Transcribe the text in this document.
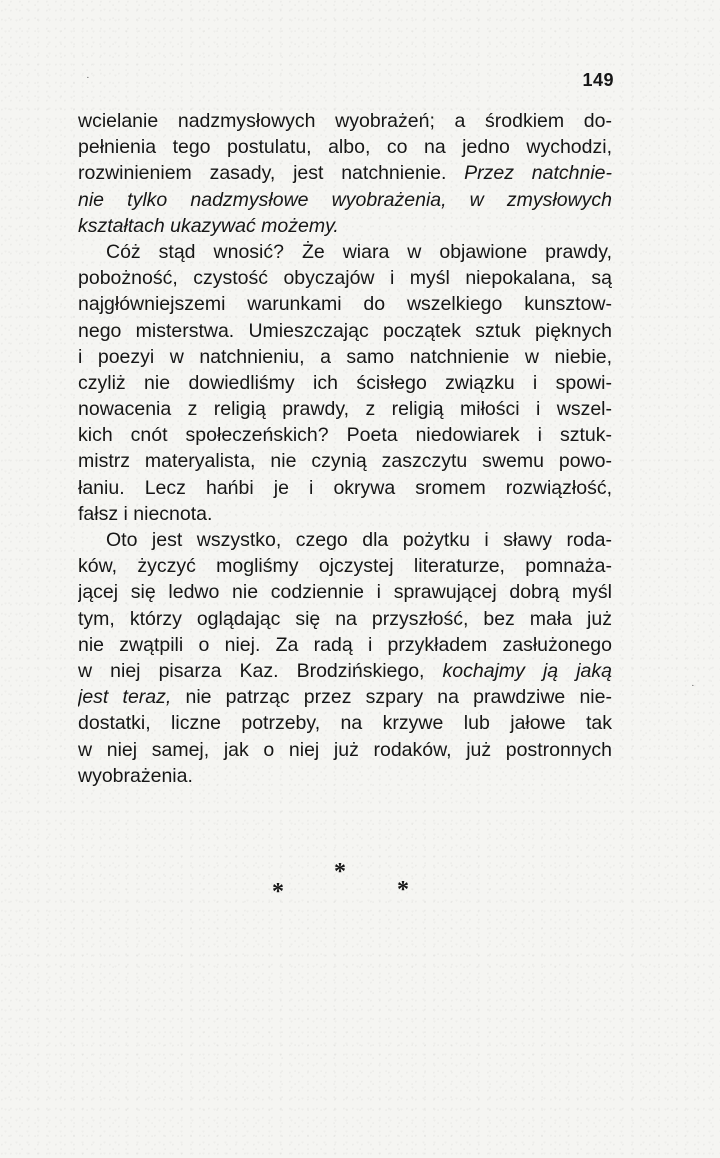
149
·
·
wcielanie nadzmysłowych wyobrażeń; a środkiem do-
pełnienia tego postulatu, albo, co na jedno wychodzi,
rozwinieniem zasady, jest natchnienie. Przez natchnie-
nie tylko nadzmysłowe wyobrażenia, w zmysłowych
kształtach ukazywać możemy.
Cóż stąd wnosić? Że wiara w objawione prawdy,
pobożność, czystość obyczajów i myśl niepokalana, są
najgłówniejszemi warunkami do wszelkiego kunsztow-
nego misterstwa. Umieszczając początek sztuk pięknych
i poezyi w natchnieniu, a samo natchnienie w niebie,
czyliż nie dowiedliśmy ich ścisłego związku i spowi-
nowacenia z religią prawdy, z religią miłości i wszel-
kich cnót społeczeńskich? Poeta niedowiarek i sztuk-
mistrz materyalista, nie czynią zaszczytu swemu powo-
łaniu. Lecz hańbi je i okrywa sromem rozwiązłość,
fałsz i niecnota.
Oto jest wszystko, czego dla pożytku i sławy roda-
ków, życzyć mogliśmy ojczystej literaturze, pomnaża-
jącej się ledwo nie codziennie i sprawującej dobrą myśl
tym, którzy oglądając się na przyszłość, bez mała już
nie zwątpili o niej. Za radą i przykładem zasłużonego
w niej pisarza Kaz. Brodzińskiego, kochajmy ją jaką
jest teraz, nie patrząc przez szpary na prawdziwe nie-
dostatki, liczne potrzeby, na krzywe lub jałowe tak
w niej samej, jak o niej już rodaków, już postronnych
wyobrażenia.
*
*
*
